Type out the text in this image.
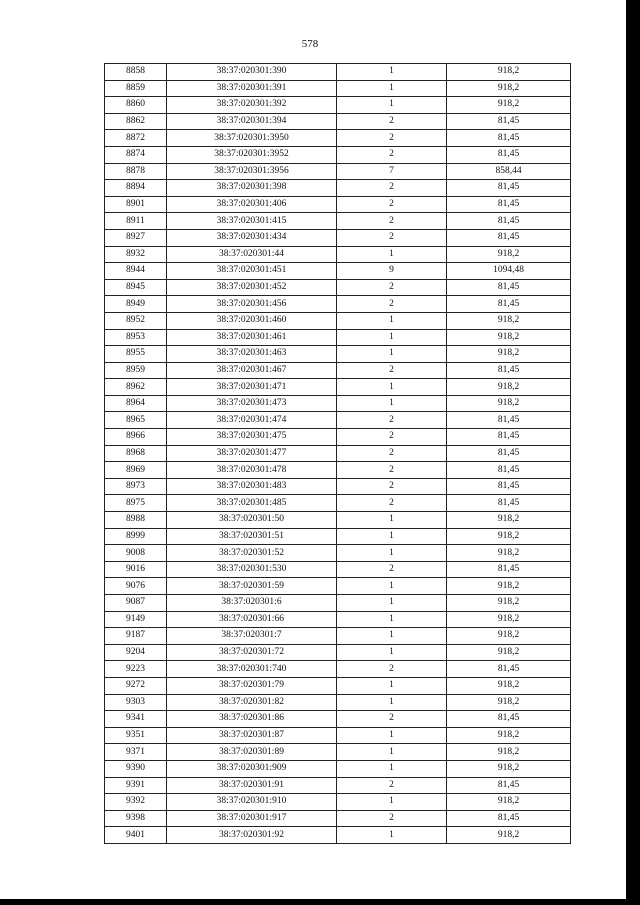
578
8858	38:37:020301:390	1	918,2
8859	38:37:020301:391	1	918,2
8860	38:37:020301:392	1	918,2
8862	38:37:020301:394	2	81,45
8872	38:37:020301:3950	2	81,45
8874	38:37:020301:3952	2	81,45
8878	38:37:020301:3956	7	858,44
8894	38:37:020301:398	2	81,45
8901	38:37:020301:406	2	81,45
8911	38:37:020301:415	2	81,45
8927	38:37:020301:434	2	81,45
8932	38:37:020301:44	1	918,2
8944	38:37:020301:451	9	1094,48
8945	38:37:020301:452	2	81,45
8949	38:37:020301:456	2	81,45
8952	38:37:020301:460	1	918,2
8953	38:37:020301:461	1	918,2
8955	38:37:020301:463	1	918,2
8959	38:37:020301:467	2	81,45
8962	38:37:020301:471	1	918,2
8964	38:37:020301:473	1	918,2
8965	38:37:020301:474	2	81,45
8966	38:37:020301:475	2	81,45
8968	38:37:020301:477	2	81,45
8969	38:37:020301:478	2	81,45
8973	38:37:020301:483	2	81,45
8975	38:37:020301:485	2	81,45
8988	38:37:020301:50	1	918,2
8999	38:37:020301:51	1	918,2
9008	38:37:020301:52	1	918,2
9016	38:37:020301:530	2	81,45
9076	38:37:020301:59	1	918,2
9087	38:37:020301:6	1	918,2
9149	38:37:020301:66	1	918,2
9187	38:37:020301:7	1	918,2
9204	38:37:020301:72	1	918,2
9223	38:37:020301:740	2	81,45
9272	38:37:020301:79	1	918,2
9303	38:37:020301:82	1	918,2
9341	38:37:020301:86	2	81,45
9351	38:37:020301:87	1	918,2
9371	38:37:020301:89	1	918,2
9390	38:37:020301:909	1	918,2
9391	38:37:020301:91	2	81,45
9392	38:37:020301:910	1	918,2
9398	38:37:020301:917	2	81,45
9401	38:37:020301:92	1	918,2
